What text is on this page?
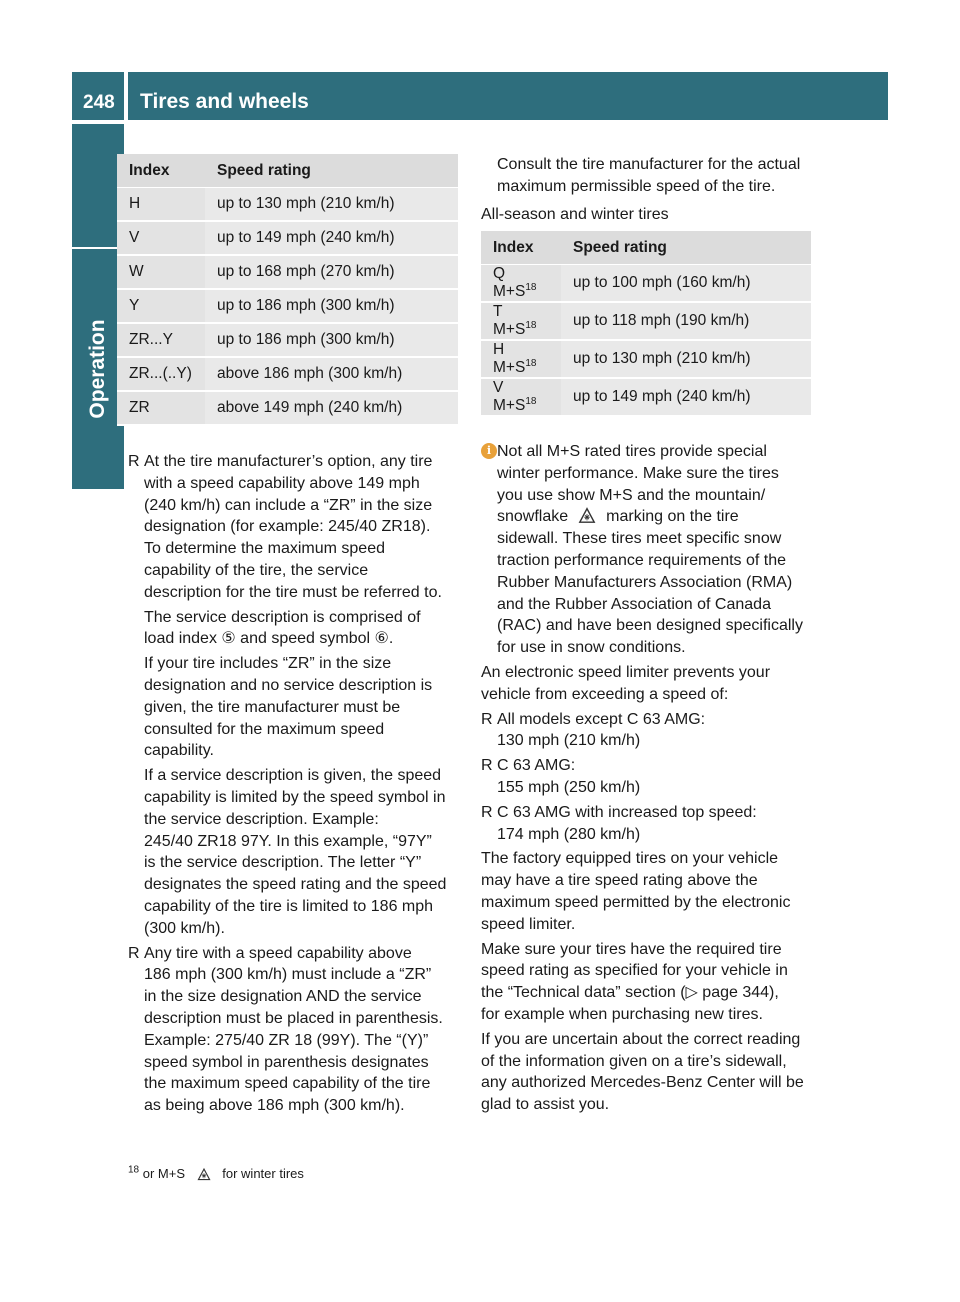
248 Tires and wheels
Operation
Index	Speed rating
H	up to 130 mph (210 km/h)
V	up to 149 mph (240 km/h)
W	up to 168 mph (270 km/h)
Y	up to 186 mph (300 km/h)
ZR...Y	up to 186 mph (300 km/h)
ZR...(..Y)	above 186 mph (300 km/h)
ZR	above 149 mph (240 km/h)
R At the tire manufacturer’s option, any tire
with a speed capability above 149 mph
(240 km/h) can include a “ZR” in the size
designation (for example: 245/40 ZR18).
To determine the maximum speed
capability of the tire, the service
description for the tire must be referred to.
The service description is comprised of
load index ⑤ and speed symbol ⑥.
If your tire includes “ZR” in the size
designation and no service description is
given, the tire manufacturer must be
consulted for the maximum speed
capability.
If a service description is given, the speed
capability is limited by the speed symbol in
the service description. Example:
245/40 ZR18 97Y. In this example, “97Y”
is the service description. The letter “Y”
designates the speed rating and the speed
capability of the tire is limited to 186 mph
(300 km/h).
R Any tire with a speed capability above
186 mph (300 km/h) must include a “ZR”
in the size designation AND the service
description must be placed in parenthesis.
Example: 275/40 ZR 18 (99Y). The “(Y)”
speed symbol in parenthesis designates
the maximum speed capability of the tire
as being above 186 mph (300 km/h).
Consult the tire manufacturer for the actual
maximum permissible speed of the tire.
All-season and winter tires
Index	Speed rating
Q $M+S^{18}$	up to 100 mph (160 km/h)
T $M+S^{18}$	up to 118 mph (190 km/h)
H $M+S^{18}$	up to 130 mph (210 km/h)
V $M+S^{18}$	up to 149 mph (240 km/h)
i Not all M+S rated tires provide special
winter performance. Make sure the tires
you use show M+S and the mountain/
snowflake marking on the tire
sidewall. These tires meet specific snow
traction performance requirements of the
Rubber Manufacturers Association (RMA)
and the Rubber Association of Canada
(RAC) and have been designed specifically
for use in snow conditions.
An electronic speed limiter prevents your
vehicle from exceeding a speed of:
R All models except C 63 AMG:
130 mph (210 km/h)
R C 63 AMG:
155 mph (250 km/h)
R C 63 AMG with increased top speed:
174 mph (280 km/h)
The factory equipped tires on your vehicle
may have a tire speed rating above the
maximum speed permitted by the electronic
speed limiter.
Make sure your tires have the required tire
speed rating as specified for your vehicle in
the “Technical data” section (▷ page 344),
for example when purchasing new tires.
If you are uncertain about the correct reading
of the information given on a tire’s sidewall,
any authorized Mercedes-Benz Center will be
glad to assist you.
$^{18}$ or M+S	for winter tires
